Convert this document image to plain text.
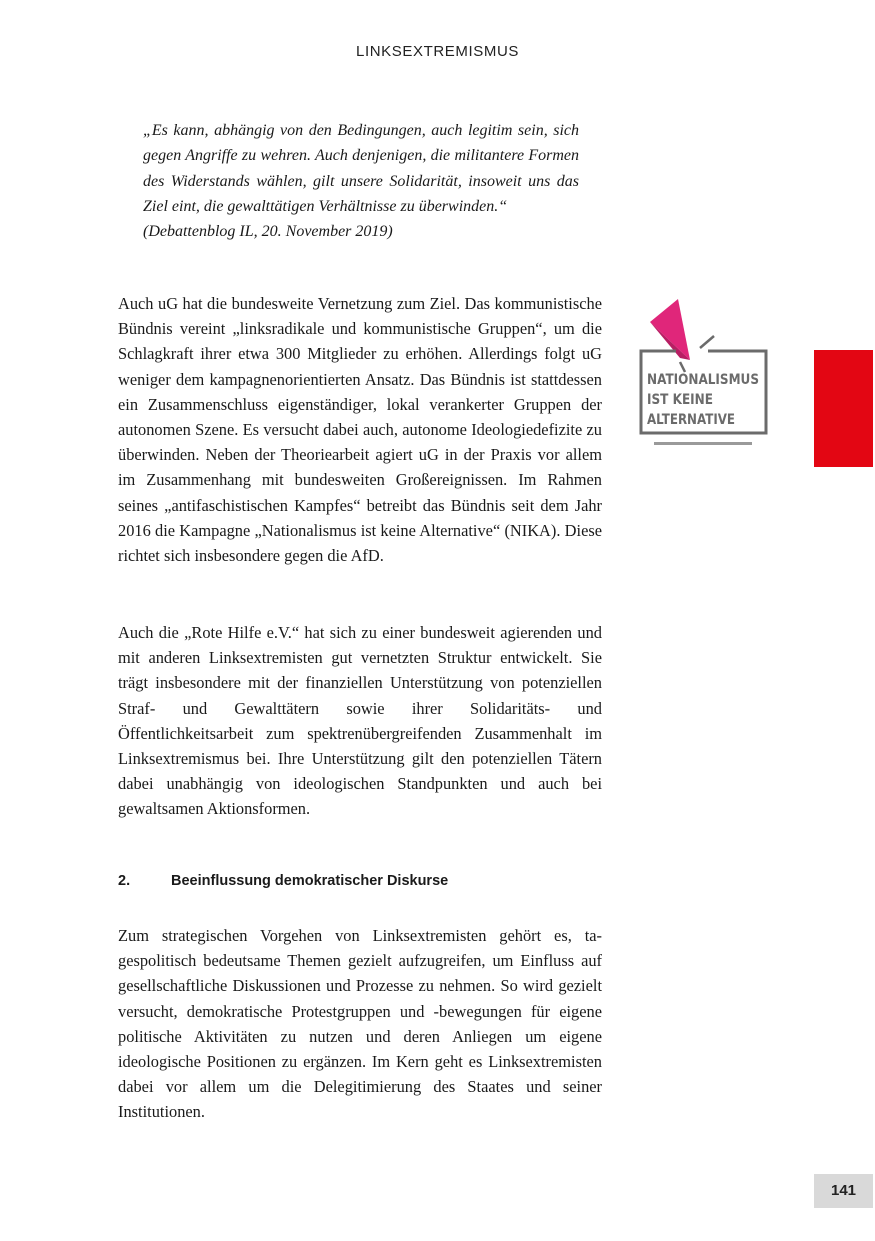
LINKSEXTREMISMUS

„Es kann, abhängig von den Bedingungen, auch legitim sein, sich gegen Angriffe zu wehren. Auch denjenigen, die militantere Formen des Widerstands wählen, gilt unsere Solidarität, insoweit uns das Ziel eint, die gewalttätigen Verhältnisse zu überwinden.“

(Debattenblog IL, 20. November 2019)

Auch uG hat die bundesweite Vernetzung zum Ziel. Das kommunistische Bündnis vereint „linksradikale und kommunistische Gruppen“, um die Schlagkraft ihrer etwa 300 Mitglieder zu erhöhen. Allerdings folgt uG weniger dem kampagnenorientierten Ansatz. Das Bündnis ist stattdessen ein Zusammenschluss eigenständiger, lokal verankerter Gruppen der autonomen Szene. Es versucht dabei auch, autonome Ideologiedefizite zu überwinden. Neben der Theoriearbeit agiert uG in der Praxis vor allem im Zusammenhang mit bundesweiten Großereignissen. Im Rahmen seines „antifaschistischen Kampfes“ betreibt das Bündnis seit dem Jahr 2016 die Kampagne „Nationalismus ist keine Alternative“ (NIKA). Diese richtet sich insbesondere gegen die AfD.

Auch die „Rote Hilfe e.V.“ hat sich zu einer bundesweit agierenden und mit anderen Linksextremisten gut vernetzten Struktur entwickelt. Sie trägt insbesondere mit der finanziellen Unterstützung von potenziellen Straf- und Gewalttätern sowie ihrer Solidaritäts- und Öffentlichkeitsarbeit zum spektrenübergreifenden Zusammenhalt im Linksextremismus bei. Ihre Unterstützung gilt den potenziellen Tätern dabei unabhängig von ideologischen Standpunkten und auch bei gewaltsamen Aktionsformen.

2.	Beeinflussung demokratischer Diskurse

Zum strategischen Vorgehen von Linksextremisten gehört es, tagespolitisch bedeutsame Themen gezielt aufzugreifen, um Einfluss auf gesellschaftliche Diskussionen und Prozesse zu nehmen. So wird gezielt versucht, demokratische Protestgruppen und -bewegungen für eigene politische Aktivitäten zu nutzen und deren Anliegen um eigene ideologische Positionen zu ergänzen. Im Kern geht es Linksextremisten dabei vor allem um die Delegitimierung des Staates und seiner Institutionen.

NATIONALISMUS
IST KEINE
ALTERNATIVE
141
